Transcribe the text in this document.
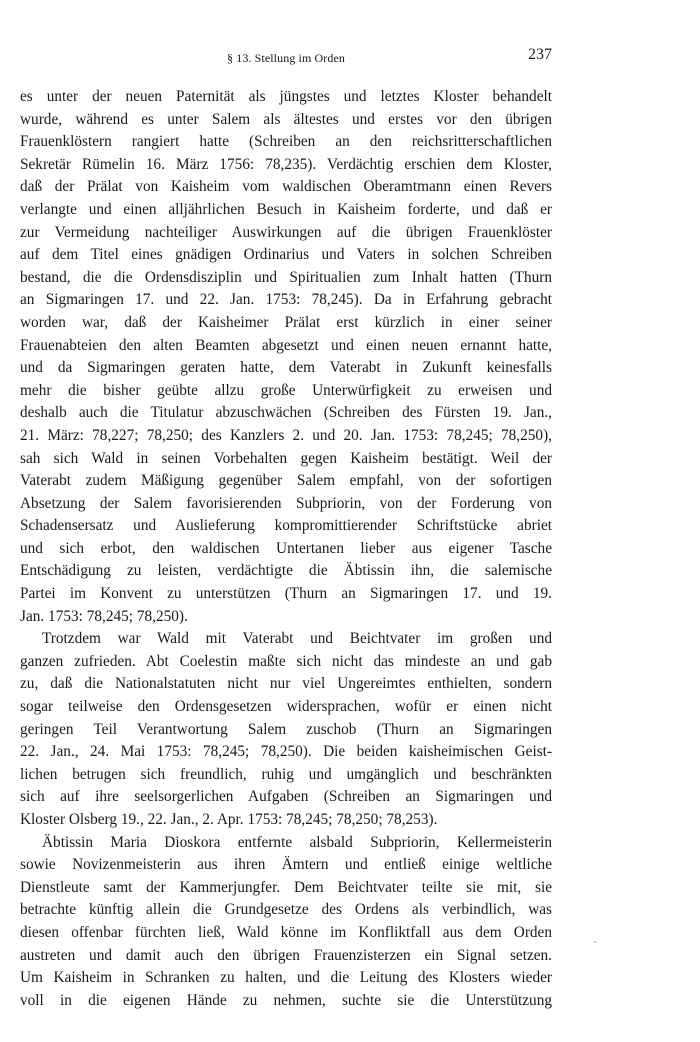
§ 13. Stellung im Orden	237
es unter der neuen Paternität als jüngstes und letztes Kloster behandelt
wurde, während es unter Salem als ältestes und erstes vor den übrigen
Frauenklöstern rangiert hatte (Schreiben an den reichsritterschaftlichen
Sekretär Rümelin 16. März 1756: 78,235). Verdächtig erschien dem Kloster,
daß der Prälat von Kaisheim vom waldischen Oberamtmann einen Revers
verlangte und einen alljährlichen Besuch in Kaisheim forderte, und daß er
zur Vermeidung nachteiliger Auswirkungen auf die übrigen Frauenklöster
auf dem Titel eines gnädigen Ordinarius und Vaters in solchen Schreiben
bestand, die die Ordensdisziplin und Spiritualien zum Inhalt hatten (Thurn
an Sigmaringen 17. und 22. Jan. 1753: 78,245). Da in Erfahrung gebracht
worden war, daß der Kaisheimer Prälat erst kürzlich in einer seiner
Frauenabteien den alten Beamten abgesetzt und einen neuen ernannt hatte,
und da Sigmaringen geraten hatte, dem Vaterabt in Zukunft keinesfalls
mehr die bisher geübte allzu große Unterwürfigkeit zu erweisen und
deshalb auch die Titulatur abzuschwächen (Schreiben des Fürsten 19. Jan.,
21. März: 78,227; 78,250; des Kanzlers 2. und 20. Jan. 1753: 78,245; 78,250),
sah sich Wald in seinen Vorbehalten gegen Kaisheim bestätigt. Weil der
Vaterabt zudem Mäßigung gegenüber Salem empfahl, von der sofortigen
Absetzung der Salem favorisierenden Subpriorin, von der Forderung von
Schadensersatz und Auslieferung kompromittierender Schriftstücke abriet
und sich erbot, den waldischen Untertanen lieber aus eigener Tasche
Entschädigung zu leisten, verdächtigte die Äbtissin ihn, die salemische
Partei im Konvent zu unterstützen (Thurn an Sigmaringen 17. und 19.
Jan. 1753: 78,245; 78,250).
Trotzdem war Wald mit Vaterabt und Beichtvater im großen und
ganzen zufrieden. Abt Coelestin maßte sich nicht das mindeste an und gab
zu, daß die Nationalstatuten nicht nur viel Ungereimtes enthielten, sondern
sogar teilweise den Ordensgesetzen widersprachen, wofür er einen nicht
geringen Teil Verantwortung Salem zuschob (Thurn an Sigmaringen
22. Jan., 24. Mai 1753: 78,245; 78,250). Die beiden kaisheimischen Geist-
lichen betrugen sich freundlich, ruhig und umgänglich und beschränkten
sich auf ihre seelsorgerlichen Aufgaben (Schreiben an Sigmaringen und
Kloster Olsberg 19., 22. Jan., 2. Apr. 1753: 78,245; 78,250; 78,253).
Äbtissin Maria Dioskora entfernte alsbald Subpriorin, Kellermeisterin
sowie Novizenmeisterin aus ihren Ämtern und entließ einige weltliche
Dienstleute samt der Kammerjungfer. Dem Beichtvater teilte sie mit, sie
betrachte künftig allein die Grundgesetze des Ordens als verbindlich, was
diesen offenbar fürchten ließ, Wald könne im Konfliktfall aus dem Orden
austreten und damit auch den übrigen Frauenzisterzen ein Signal setzen.
Um Kaisheim in Schranken zu halten, und die Leitung des Klosters wieder
voll in die eigenen Hände zu nehmen, suchte sie die Unterstützung
